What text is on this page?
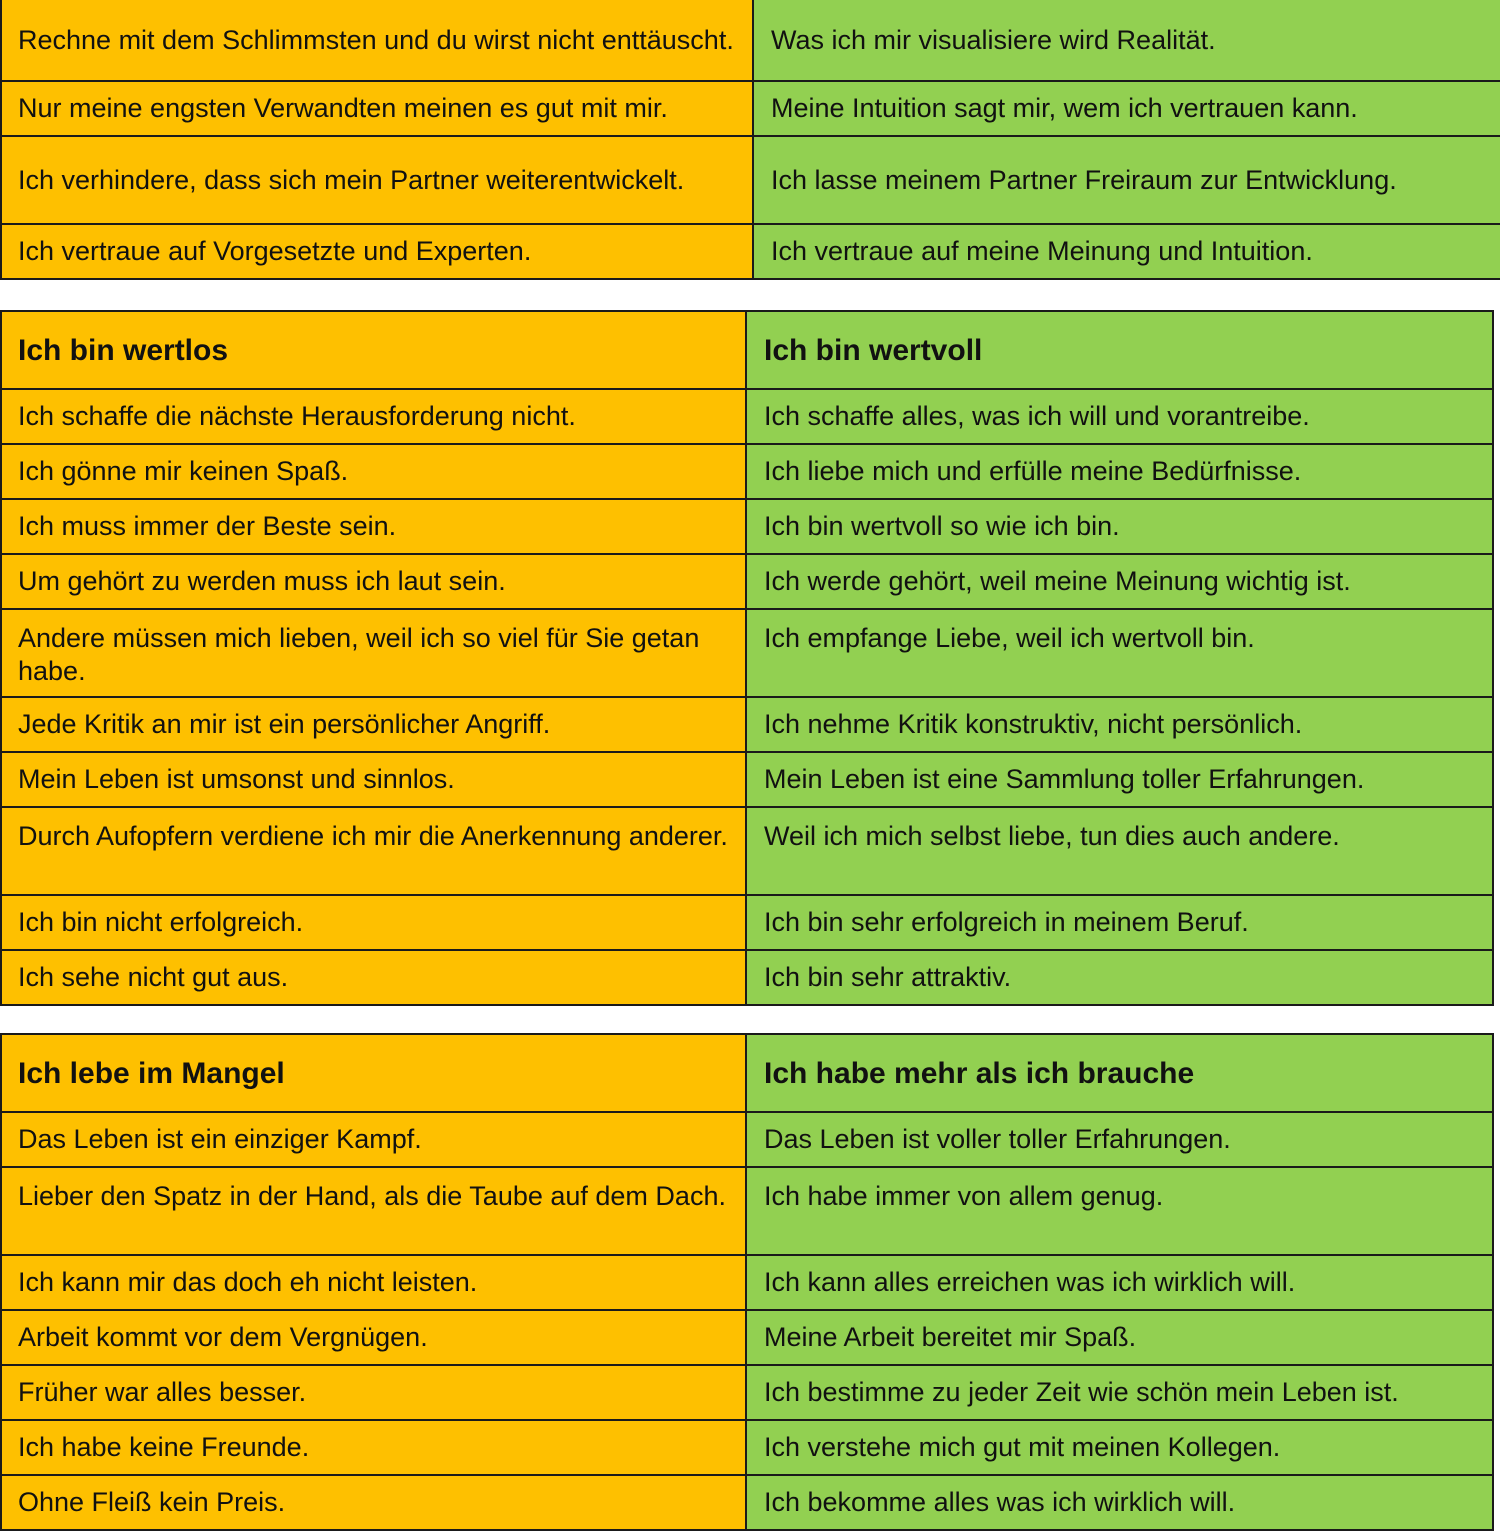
Rechne mit dem Schlimmsten und du wirst nicht enttäuscht.	Was ich mir visualisiere wird Realität.
Nur meine engsten Verwandten meinen es gut mit mir.	Meine Intuition sagt mir, wem ich vertrauen kann.
Ich verhindere, dass sich mein Partner weiterentwickelt.	Ich lasse meinem Partner Freiraum zur Entwicklung.
Ich vertraue auf Vorgesetzte und Experten.	Ich vertraue auf meine Meinung und Intuition.
Ich bin wertlos	Ich bin wertvoll
Ich schaffe die nächste Herausforderung nicht.	Ich schaffe alles, was ich will und vorantreibe.
Ich gönne mir keinen Spaß.	Ich liebe mich und erfülle meine Bedürfnisse.
Ich muss immer der Beste sein.	Ich bin wertvoll so wie ich bin.
Um gehört zu werden muss ich laut sein.	Ich werde gehört, weil meine Meinung wichtig ist.
Andere müssen mich lieben, weil ich so viel für Sie getan habe.	Ich empfange Liebe, weil ich wertvoll bin.
Jede Kritik an mir ist ein persönlicher Angriff.	Ich nehme Kritik konstruktiv, nicht persönlich.
Mein Leben ist umsonst und sinnlos.	Mein Leben ist eine Sammlung toller Erfahrungen.
Durch Aufopfern verdiene ich mir die Anerkennung anderer.	Weil ich mich selbst liebe, tun dies auch andere.
Ich bin nicht erfolgreich.	Ich bin sehr erfolgreich in meinem Beruf.
Ich sehe nicht gut aus.	Ich bin sehr attraktiv.
Ich lebe im Mangel	Ich habe mehr als ich brauche
Das Leben ist ein einziger Kampf.	Das Leben ist voller toller Erfahrungen.
Lieber den Spatz in der Hand, als die Taube auf dem Dach.	Ich habe immer von allem genug.
Ich kann mir das doch eh nicht leisten.	Ich kann alles erreichen was ich wirklich will.
Arbeit kommt vor dem Vergnügen.	Meine Arbeit bereitet mir Spaß.
Früher war alles besser.	Ich bestimme zu jeder Zeit wie schön mein Leben ist.
Ich habe keine Freunde.	Ich verstehe mich gut mit meinen Kollegen.
Ohne Fleiß kein Preis.	Ich bekomme alles was ich wirklich will.
